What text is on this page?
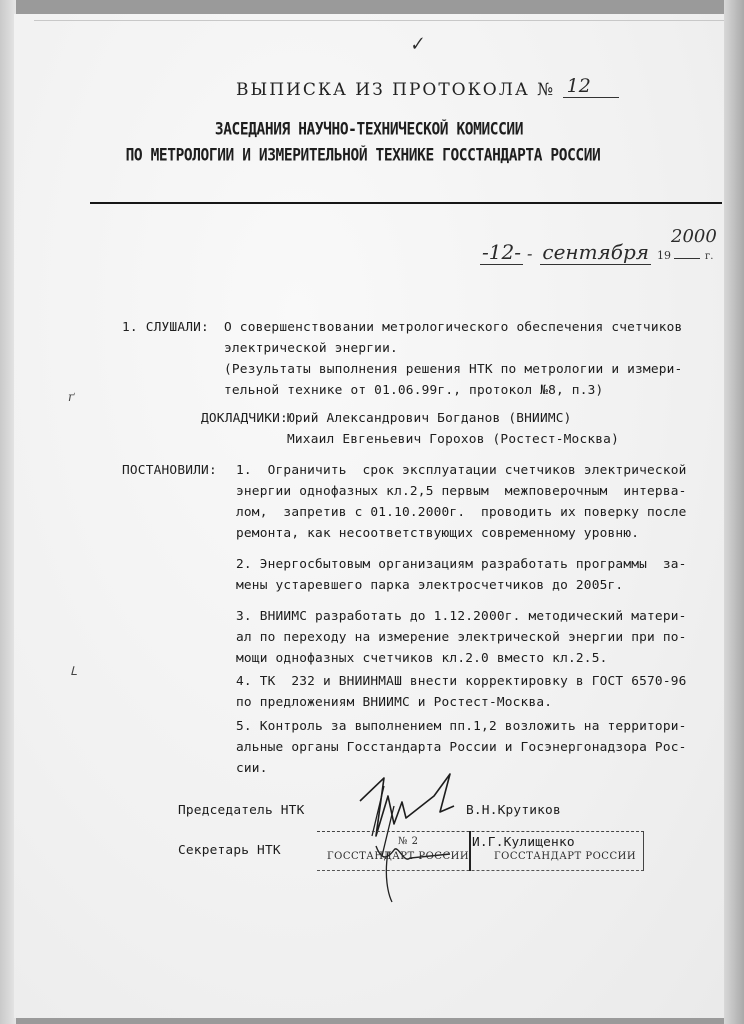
✓
ВЫПИСКА ИЗ ПРОТОКОЛА № 12
ЗАСЕДАНИЯ НАУЧНО-ТЕХНИЧЕСКОЙ КОМИССИИ
ПО МЕТРОЛОГИИ И ИЗМЕРИТЕЛЬНОЙ ТЕХНИКЕ ГОССТАНДАРТА РОССИИ
-12- - сентября 19	г.
2000
1. СЛУШАЛИ: О совершенствовании метрологического обеспечения счетчиков
электрической энергии.
(Результаты выполнения решения НТК по метрологии и измери-
тельной технике от 01.06.99г., протокол №8, п.3)
ґ
ДОКЛАДЧИКИ: Юрий Александрович Богданов (ВНИИМС)
Михаил Евгеньевич Горохов (Ростест-Москва)
ПОСТАНОВИЛИ: 1.  Ограничить  срок эксплуатации счетчиков электрической
энергии однофазных кл.2,5 первым  межповерочным  интерва-
лом,  запретив с 01.10.2000г.  проводить их поверку после
ремонта, как несоответствующих современному уровню.
2. Энергосбытовым организациям разработать программы  за-
мены устаревшего парка электросчетчиков до 2005г.
3. ВНИИМС разработать до 1.12.2000г. методический матери-
ал по переходу на измерение электрической энергии при по-
мощи однофазных счетчиков кл.2.0 вместо кл.2.5.
ᒪ
4. ТК  232 и ВНИИНМАШ внести корректировку в ГОСТ 6570-96
по предложениям ВНИИМС и Ростест-Москва.
5. Контроль за выполнением пп.1,2 возложить на территори-
альные органы Госстандарта России и Госэнергонадзора Рос-
сии.
Председатель НТК	В.Н.Крутиков
Секретарь НТК
№ 2
ГОССТАНДАРТ РОССИИ
И.Г.Кулищенко
ГОССТАНДАРТ РОССИИ
